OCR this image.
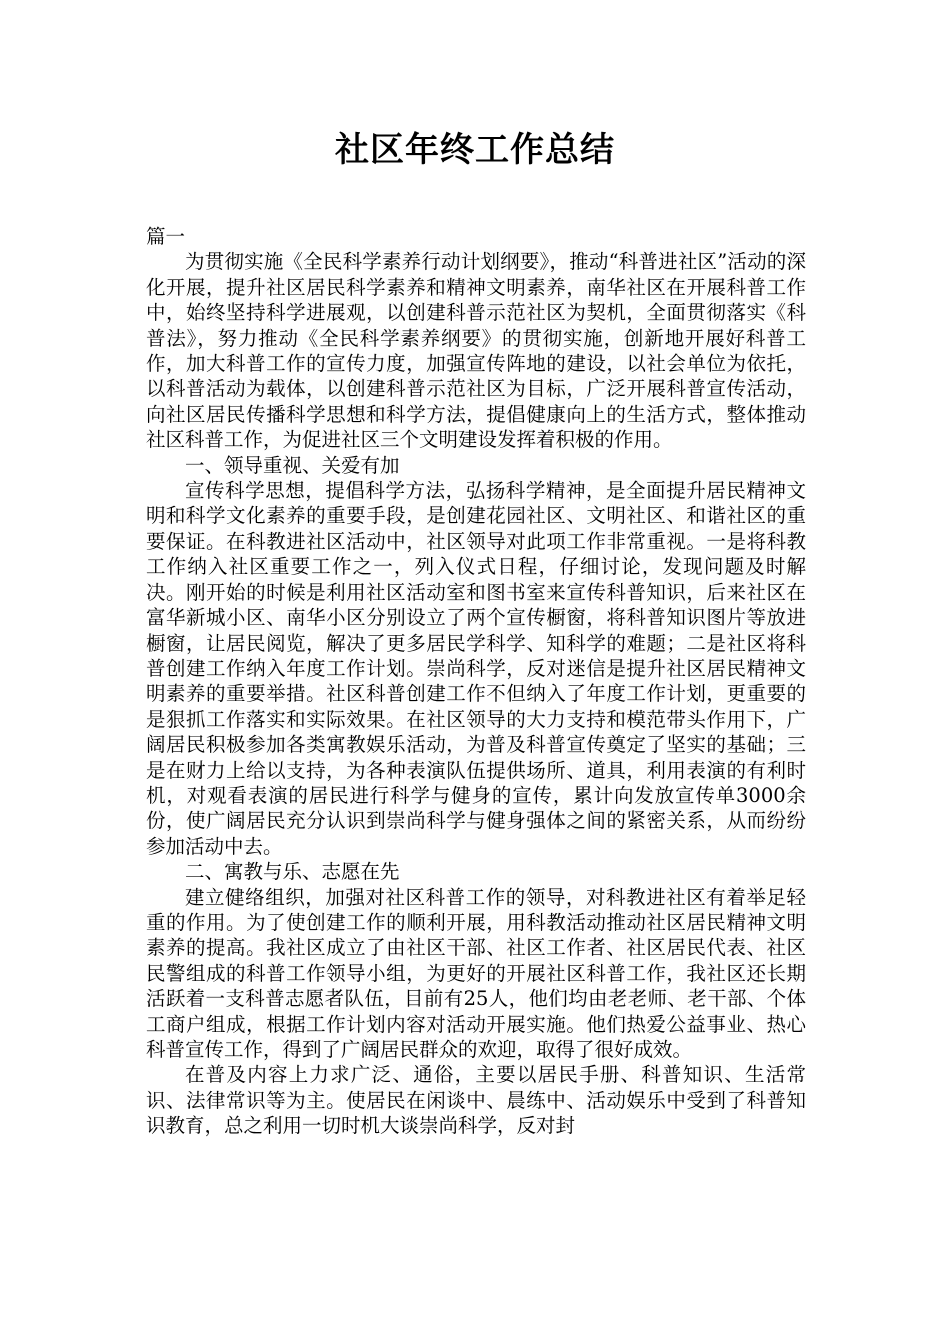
社区年终工作总结

篇一

为贯彻实施《全民科学素养行动计划纲要》，推动“科普进社区”活动的深化开展，提升社区居民科学素养和精神文明素养，南华社区在开展科普工作中，始终坚持科学进展观，以创建科普示范社区为契机，全面贯彻落实《科普法》，努力推动《全民科学素养纲要》的贯彻实施，创新地开展好科普工作，加大科普工作的宣传力度，加强宣传阵地的建设，以社会单位为依托，以科普活动为载体，以创建科普示范社区为目标，广泛开展科普宣传活动，向社区居民传播科学思想和科学方法，提倡健康向上的生活方式，整体推动社区科普工作，为促进社区三个文明建设发挥着积极的作用。

一、领导重视、关爱有加

宣传科学思想，提倡科学方法，弘扬科学精神，是全面提升居民精神文明和科学文化素养的重要手段，是创建花园社区、文明社区、和谐社区的重要保证。在科教进社区活动中，社区领导对此项工作非常重视。一是将科教工作纳入社区重要工作之一，列入仪式日程，仔细讨论，发现问题及时解决。刚开始的时候是利用社区活动室和图书室来宣传科普知识，后来社区在富华新城小区、南华小区分别设立了两个宣传橱窗，将科普知识图片等放进橱窗，让居民阅览，解决了更多居民学科学、知科学的难题；二是社区将科普创建工作纳入年度工作计划。崇尚科学，反对迷信是提升社区居民精神文明素养的重要举措。社区科普创建工作不但纳入了年度工作计划，更重要的是狠抓工作落实和实际效果。在社区领导的大力支持和模范带头作用下，广阔居民积极参加各类寓教娱乐活动，为普及科普宣传奠定了坚实的基础；三是在财力上给以支持，为各种表演队伍提供场所、道具，利用表演的有利时机，对观看表演的居民进行科学与健身的宣传，累计向发放宣传单3000余份，使广阔居民充分认识到崇尚科学与健身强体之间的紧密关系，从而纷纷参加活动中去。

二、寓教与乐、志愿在先

建立健络组织，加强对社区科普工作的领导，对科教进社区有着举足轻重的作用。为了使创建工作的顺利开展，用科教活动推动社区居民精神文明素养的提高。我社区成立了由社区干部、社区工作者、社区居民代表、社区民警组成的科普工作领导小组，为更好的开展社区科普工作，我社区还长期活跃着一支科普志愿者队伍，目前有25人，他们均由老老师、老干部、个体工商户组成，根据工作计划内容对活动开展实施。他们热爱公益事业、热心科普宣传工作，得到了广阔居民群众的欢迎，取得了很好成效。

在普及内容上力求广泛、通俗，主要以居民手册、科普知识、生活常识、法律常识等为主。使居民在闲谈中、晨练中、活动娱乐中受到了科普知识教育，总之利用一切时机大谈崇尚科学，反对封
